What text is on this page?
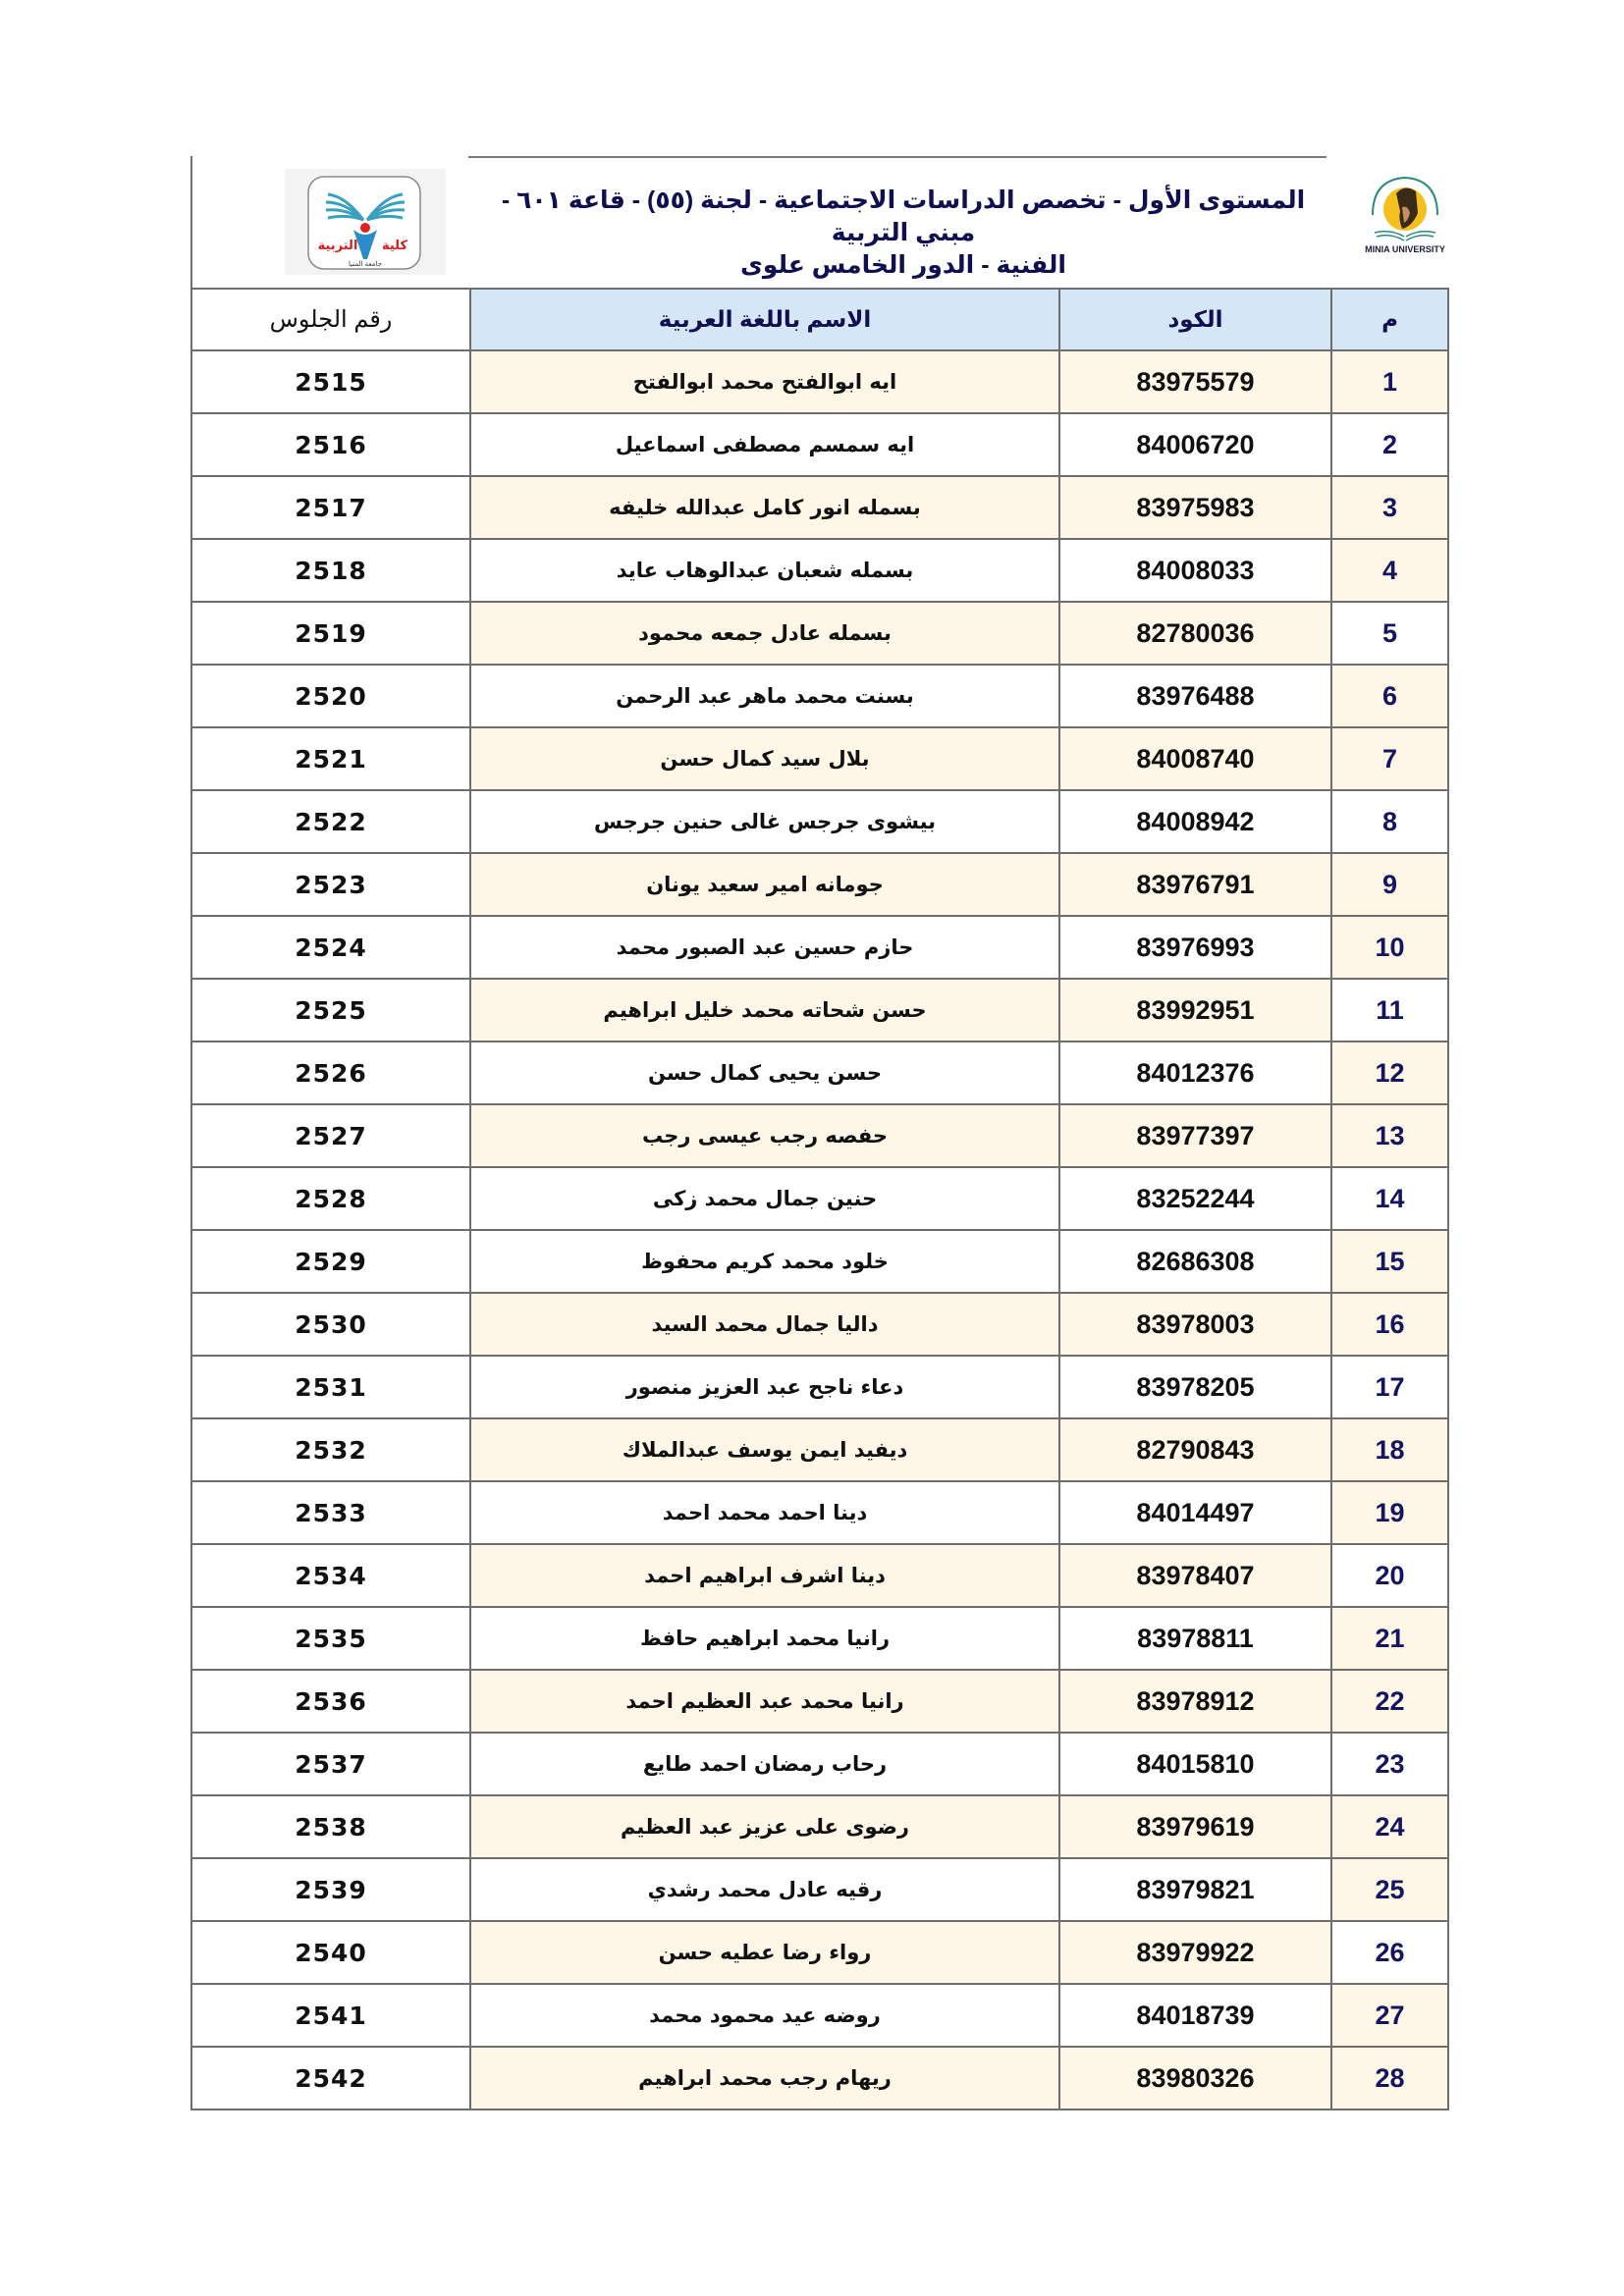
التربية كلية
جامعة المنيا
المستوى الأول - تخصص الدراسات الاجتماعية - لجنة (٥٥) - قاعة ٦٠١ - مبني التربية
الفنية - الدور الخامس علوى
MINIA UNIVERSITY
رقم الجلوس	الاسم باللغة العربية	الكود	م
2515	ايه ابوالفتح محمد ابوالفتح	83975579	1
2516	ايه سمسم مصطفى اسماعيل	84006720	2
2517	بسمله انور كامل عبدالله خليفه	83975983	3
2518	بسمله شعبان عبدالوهاب عايد	84008033	4
2519	بسمله عادل جمعه محمود	82780036	5
2520	بسنت محمد ماهر عبد الرحمن	83976488	6
2521	بلال سيد كمال حسن	84008740	7
2522	بيشوى جرجس غالى حنين جرجس	84008942	8
2523	جومانه امير سعيد يونان	83976791	9
2524	حازم حسين عبد الصبور محمد	83976993	10
2525	حسن شحاته محمد خليل ابراهيم	83992951	11
2526	حسن يحيى كمال حسن	84012376	12
2527	حفصه رجب عيسى رجب	83977397	13
2528	حنين جمال محمد زكى	83252244	14
2529	خلود محمد كريم محفوظ	82686308	15
2530	داليا جمال محمد السيد	83978003	16
2531	دعاء ناجح عبد العزيز منصور	83978205	17
2532	ديفيد ايمن يوسف عبدالملاك	82790843	18
2533	دينا احمد محمد احمد	84014497	19
2534	دينا اشرف ابراهيم احمد	83978407	20
2535	رانيا محمد ابراهيم حافظ	83978811	21
2536	رانيا محمد عبد العظيم احمد	83978912	22
2537	رحاب رمضان احمد طايع	84015810	23
2538	رضوى على عزيز عبد العظيم	83979619	24
2539	رقيه عادل محمد رشدي	83979821	25
2540	رواء رضا عطيه حسن	83979922	26
2541	روضه عيد محمود محمد	84018739	27
2542	ريهام رجب محمد ابراهيم	83980326	28
